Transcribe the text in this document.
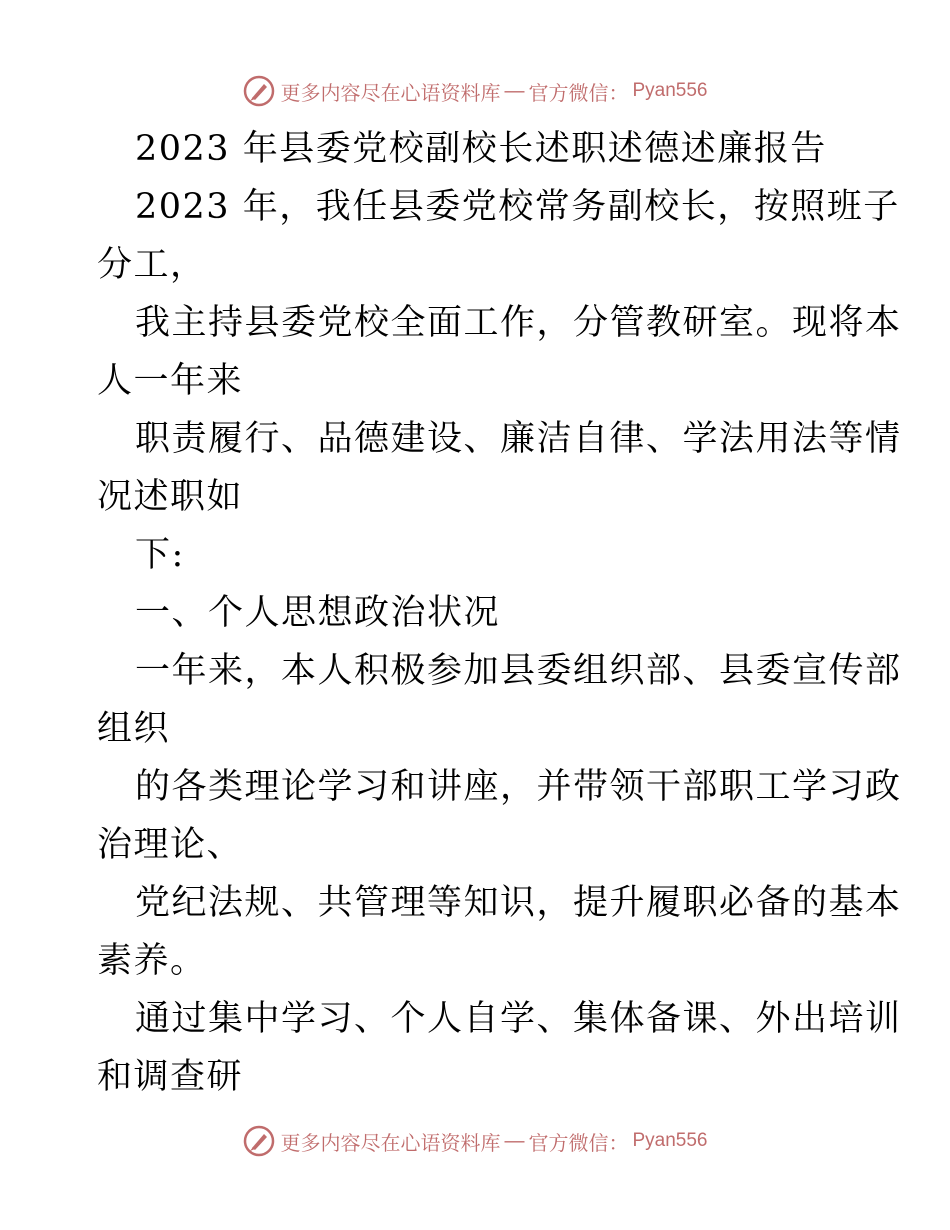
更多内容尽在心语资料库 — 官方微信： Pyan556
2023 年县委党校副校长述职述德述廉报告
2023 年，我任县委党校常务副校长，按照班子
分工，
我主持县委党校全面工作，分管教研室。现将本
人一年来
职责履行、品德建设、廉洁自律、学法用法等情
况述职如
下:
一、个人思想政治状况
一年来，本人积极参加县委组织部、县委宣传部
组织
的各类理论学习和讲座，并带领干部职工学习政
治理论、
党纪法规、共管理等知识，提升履职必备的基本
素养。
通过集中学习、个人自学、集体备课、外出培训
和调查研
更多内容尽在心语资料库 — 官方微信： Pyan556
